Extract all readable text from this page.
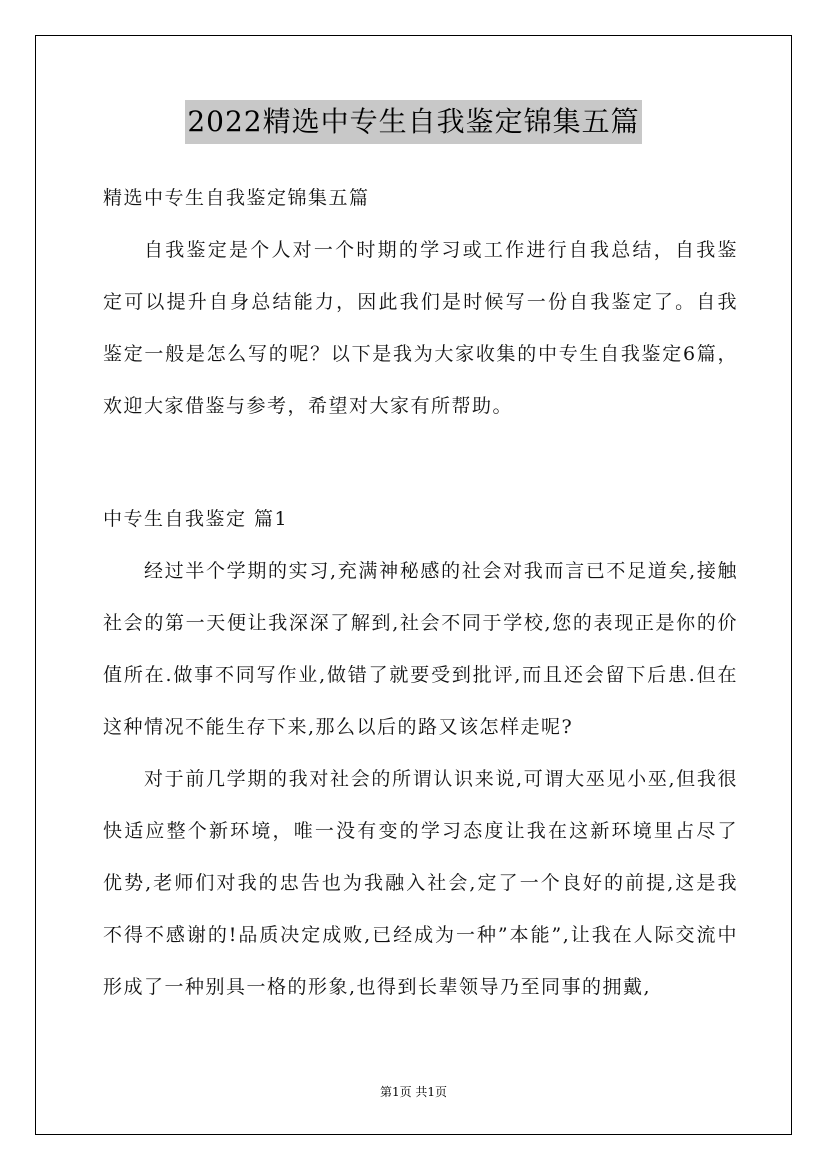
2022精选中专生自我鉴定锦集五篇

精选中专生自我鉴定锦集五篇

自我鉴定是个人对一个时期的学习或工作进行自我总结，自我鉴定可以提升自身总结能力，因此我们是时候写一份自我鉴定了。自我鉴定一般是怎么写的呢？以下是我为大家收集的中专生自我鉴定6篇，欢迎大家借鉴与参考，希望对大家有所帮助。

中专生自我鉴定 篇1

经过半个学期的实习,充满神秘感的社会对我而言已不足道矣,接触社会的第一天便让我深深了解到,社会不同于学校,您的表现正是你的价值所在.做事不同写作业,做错了就要受到批评,而且还会留下后患.但在这种情况不能生存下来,那么以后的路又该怎样走呢?

对于前几学期的我对社会的所谓认识来说,可谓大巫见小巫,但我很快适应整个新环境，唯一没有变的学习态度让我在这新环境里占尽了优势,老师们对我的忠告也为我融入社会,定了一个良好的前提,这是我不得不感谢的!品质决定成败,已经成为一种”本能”,让我在人际交流中形成了一种别具一格的形象,也得到长辈领导乃至同事的拥戴,

第1页 共1页
